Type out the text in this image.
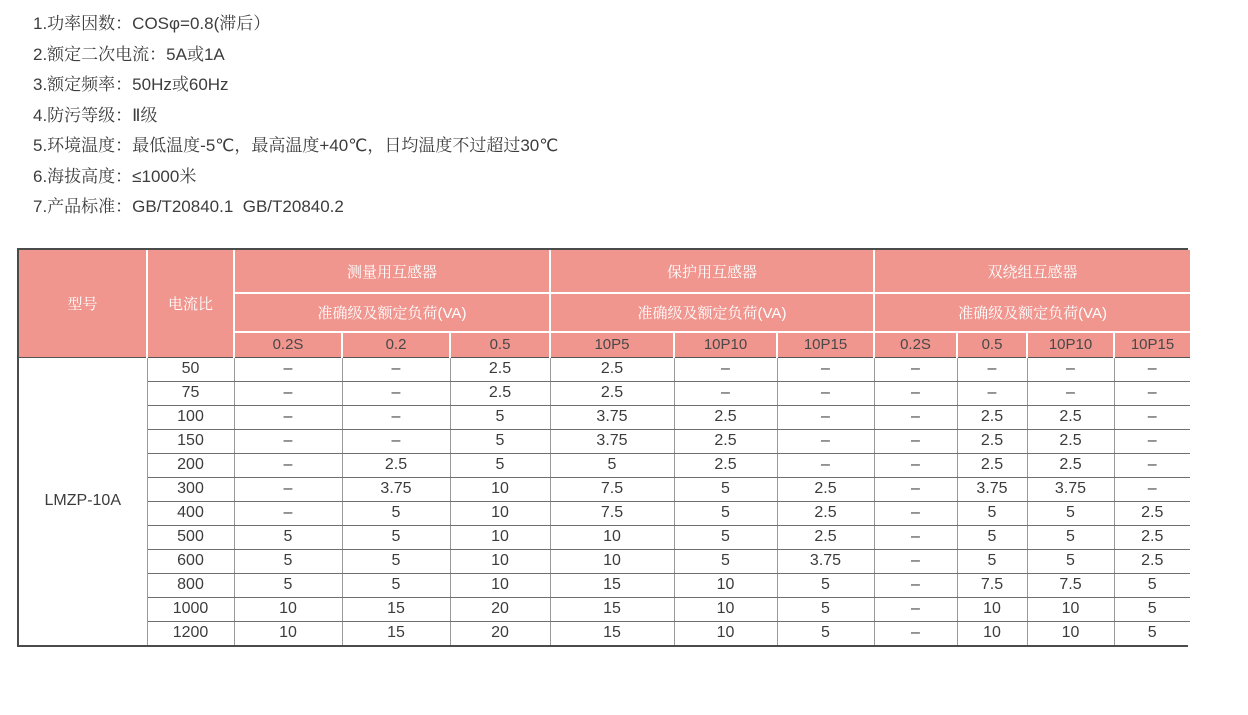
1.功率因数：COSφ=0.8(滞后）
2.额定二次电流：5A或1A
3.额定频率：50Hz或60Hz
4.防污等级：Ⅱ级
5.环境温度：最低温度-5℃，最高温度+40℃，日均温度不过超过30℃
6.海拔高度：≤1000米
7.产品标准：GB/T20840.1  GB/T20840.2
型号	电流比	测量用互感器			保护用互感器			双绕组互感器			
		准确级及额定负荷(VA)			准确级及额定负荷(VA)			准确级及额定负荷(VA)			
		0.2S	0.2	0.5	10P5	10P10	10P15	0.2S	0.5	10P10	10P15
LMZP-10A	50	–	–	2.5	2.5	–	–	–	–	–	–
	75	–	–	2.5	2.5	–	–	–	–	–	–
	100	–	–	5	3.75	2.5	–	–	2.5	2.5	–
	150	–	–	5	3.75	2.5	–	–	2.5	2.5	–
	200	–	2.5	5	5	2.5	–	–	2.5	2.5	–
	300	–	3.75	10	7.5	5	2.5	–	3.75	3.75	–
	400	–	5	10	7.5	5	2.5	–	5	5	2.5
	500	5	5	10	10	5	2.5	–	5	5	2.5
	600	5	5	10	10	5	3.75	–	5	5	2.5
	800	5	5	10	15	10	5	–	7.5	7.5	5
	1000	10	15	20	15	10	5	–	10	10	5
	1200	10	15	20	15	10	5	–	10	10	5
